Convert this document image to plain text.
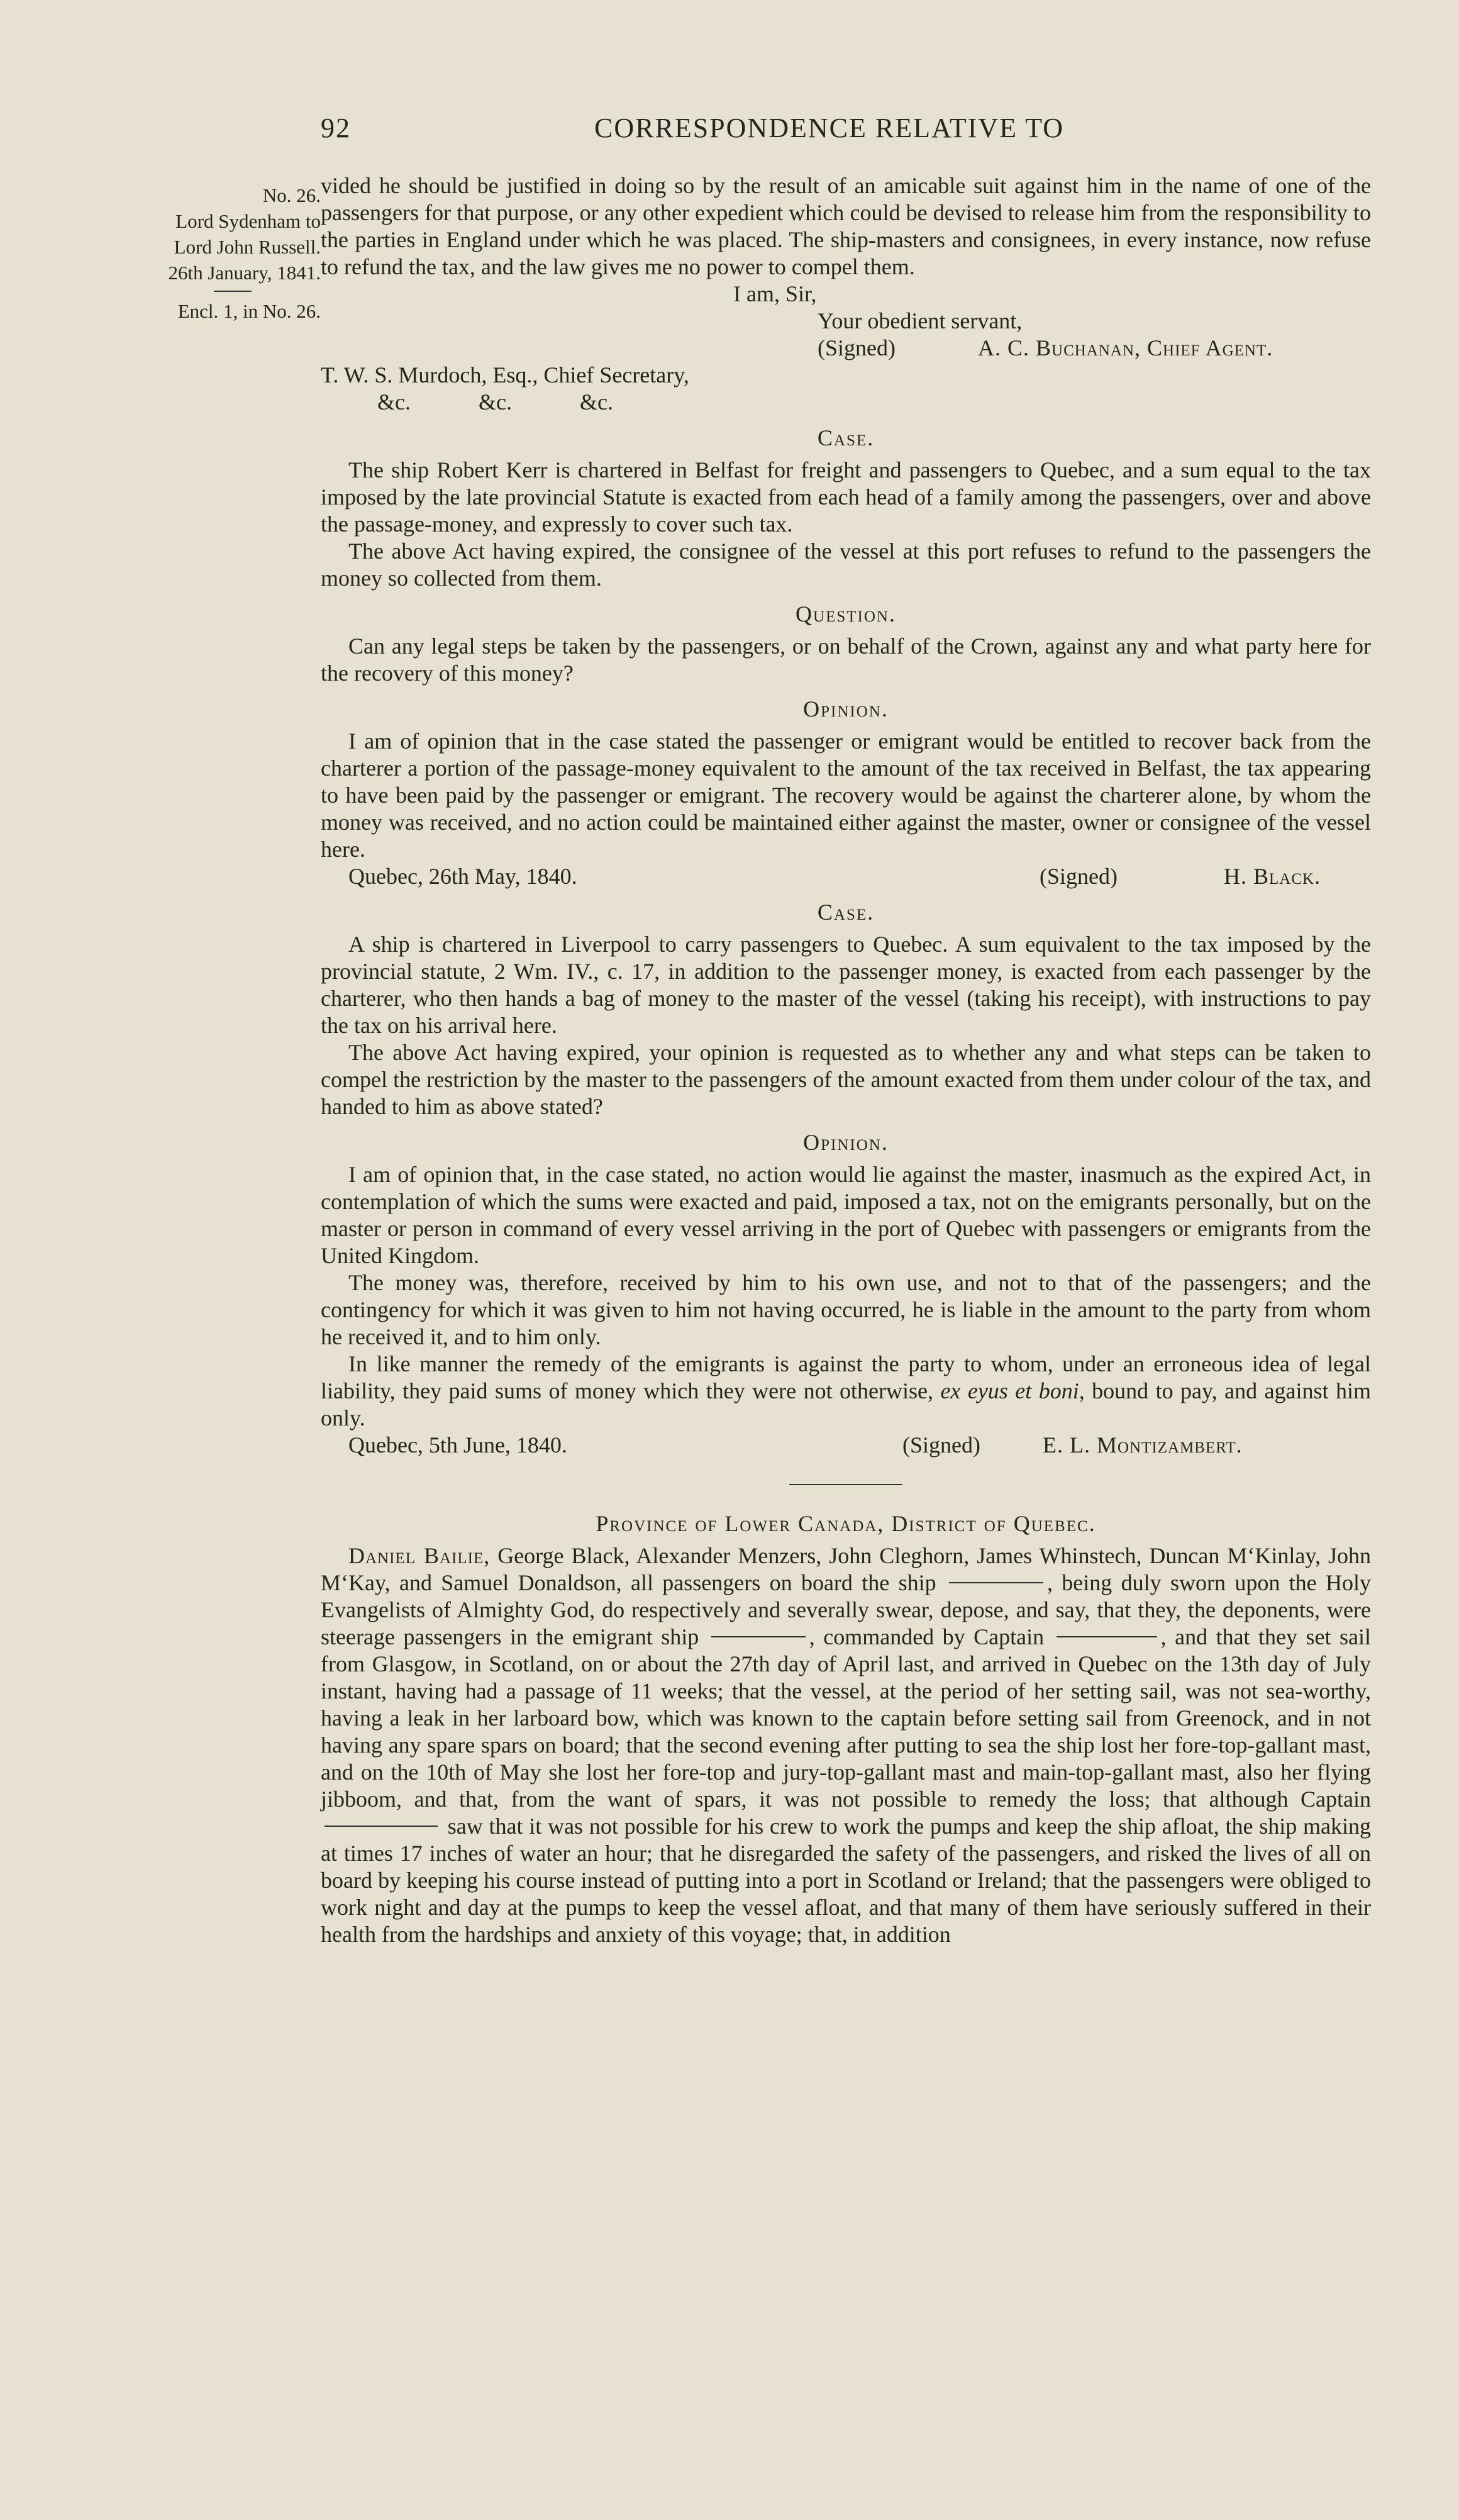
92	CORRESPONDENCE RELATIVE TO
No. 26.
Lord Sydenham to
Lord John Russell.
26th January, 1841.
Encl. 1, in No. 26.

vided he should be justified in doing so by the result of an amicable suit against him in the name of one of the passengers for that purpose, or any other expedient which could be devised to release him from the responsibility to the parties in England under which he was placed. The ship-masters and consignees, in every instance, now refuse to refund the tax, and the law gives me no power to compel them.

I am, Sir,
Your obedient servant,
(Signed)	A. C. Buchanan, Chief Agent.

T. W. S. Murdoch, Esq., Chief Secretary,

&c.            &c.            &c.

Case.

The ship Robert Kerr is chartered in Belfast for freight and passengers to Quebec, and a sum equal to the tax imposed by the late provincial Statute is exacted from each head of a family among the passengers, over and above the passage-money, and expressly to cover such tax.

The above Act having expired, the consignee of the vessel at this port refuses to refund to the passengers the money so collected from them.

Question.

Can any legal steps be taken by the passengers, or on behalf of the Crown, against any and what party here for the recovery of this money?

Opinion.

I am of opinion that in the case stated the passenger or emigrant would be entitled to recover back from the charterer a portion of the passage-money equivalent to the amount of the tax received in Belfast, the tax appearing to have been paid by the passenger or emigrant. The recovery would be against the charterer alone, by whom the money was received, and no action could be maintained either against the master, owner or consignee of the vessel here.

Quebec, 26th May, 1840.	(Signed)	H. Black.

Case.

A ship is chartered in Liverpool to carry passengers to Quebec. A sum equivalent to the tax imposed by the provincial statute, 2 Wm. IV., c. 17, in addition to the passenger money, is exacted from each passenger by the charterer, who then hands a bag of money to the master of the vessel (taking his receipt), with instructions to pay the tax on his arrival here.

The above Act having expired, your opinion is requested as to whether any and what steps can be taken to compel the restriction by the master to the passengers of the amount exacted from them under colour of the tax, and handed to him as above stated?

Opinion.

I am of opinion that, in the case stated, no action would lie against the master, inasmuch as the expired Act, in contemplation of which the sums were exacted and paid, imposed a tax, not on the emigrants personally, but on the master or person in command of every vessel arriving in the port of Quebec with passengers or emigrants from the United Kingdom.

The money was, therefore, received by him to his own use, and not to that of the passengers; and the contingency for which it was given to him not having occurred, he is liable in the amount to the party from whom he received it, and to him only.

In like manner the remedy of the emigrants is against the party to whom, under an erroneous idea of legal liability, they paid sums of money which they were not otherwise, ex eyus et boni, bound to pay, and against him only.

Quebec, 5th June, 1840.	(Signed)	E. L. Montizambert.

Province of Lower Canada, District of Quebec.

Daniel Bailie, George Black, Alexander Menzers, John Cleghorn, James Whinstech, Duncan M‘Kinlay, John M‘Kay, and Samuel Donaldson, all passengers on board the ship	, being duly sworn upon the Holy Evangelists of Almighty God, do respectively and severally swear, depose, and say, that they, the deponents, were steerage passengers in the emigrant ship	, commanded by Captain	, and that they set sail from Glasgow, in Scotland, on or about the 27th day of April last, and arrived in Quebec on the 13th day of July instant, having had a passage of 11 weeks; that the vessel, at the period of her setting sail, was not sea-worthy, having a leak in her larboard bow, which was known to the captain before setting sail from Greenock, and in not having any spare spars on board; that the second evening after putting to sea the ship lost her fore-top-gallant mast, and on the 10th of May she lost her fore-top and jury-top-gallant mast and main-top-gallant mast, also her flying jibboom, and that, from the want of spars, it was not possible to remedy the loss; that although Captain  saw that it was not possible for his crew to work the pumps and keep the ship afloat, the ship making at times 17 inches of water an hour; that he disregarded the safety of the passengers, and risked the lives of all on board by keeping his course instead of putting into a port in Scotland or Ireland; that the passengers were obliged to work night and day at the pumps to keep the vessel afloat, and that many of them have seriously suffered in their health from the hardships and anxiety of this voyage; that, in addition
